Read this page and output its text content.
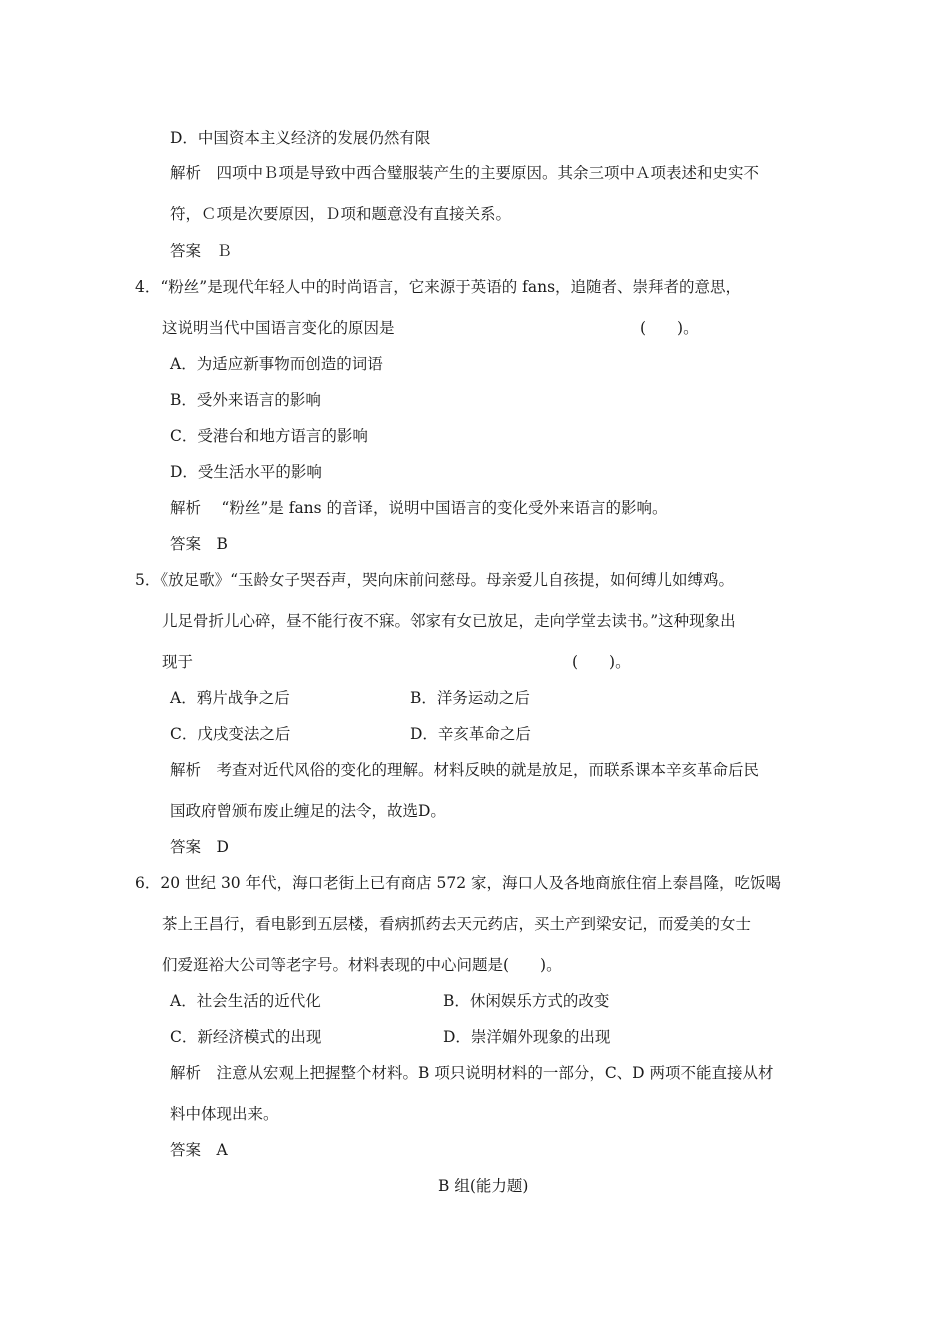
D．中国资本主义经济的发展仍然有限
解析　四项中Ｂ项是导致中西合璧服装产生的主要原因。其余三项中Ａ项表述和史实不
符，Ｃ项是次要原因，Ｄ项和题意没有直接关系。
答案　Ｂ
4．“粉丝”是现代年轻人中的时尚语言，它来源于英语的 fans，追随者、崇拜者的意思，
这说明当代中国语言变化的原因是	(　　)。
A．为适应新事物而创造的词语
B．受外来语言的影响
C．受港台和地方语言的影响
D．受生活水平的影响
解析　 “粉丝”是 fans 的音译，说明中国语言的变化受外来语言的影响。
答案　B
5．《放足歌》“玉龄女子哭吞声，哭向床前问慈母。母亲爱儿自孩提，如何缚儿如缚鸡。
儿足骨折儿心碎，昼不能行夜不寐。邻家有女已放足，走向学堂去读书。”这种现象出
现于	(　　)。
A．鸦片战争之后	B．洋务运动之后
C．戊戌变法之后	D．辛亥革命之后
解析　考查对近代风俗的变化的理解。材料反映的就是放足，而联系课本辛亥革命后民
国政府曾颁布废止缠足的法令，故选D。
答案　D
6．20 世纪 30 年代，海口老街上已有商店 572 家，海口人及各地商旅住宿上泰昌隆，吃饭喝
茶上王昌行，看电影到五层楼，看病抓药去天元药店，买土产到梁安记，而爱美的女士
们爱逛裕大公司等老字号。材料表现的中心问题是(　　)。
A．社会生活的近代化	B．休闲娱乐方式的改变
C．新经济模式的出现	D．崇洋媚外现象的出现
解析　注意从宏观上把握整个材料。B 项只说明材料的一部分，C、D 两项不能直接从材
料中体现出来。
答案　A
B 组(能力题)
